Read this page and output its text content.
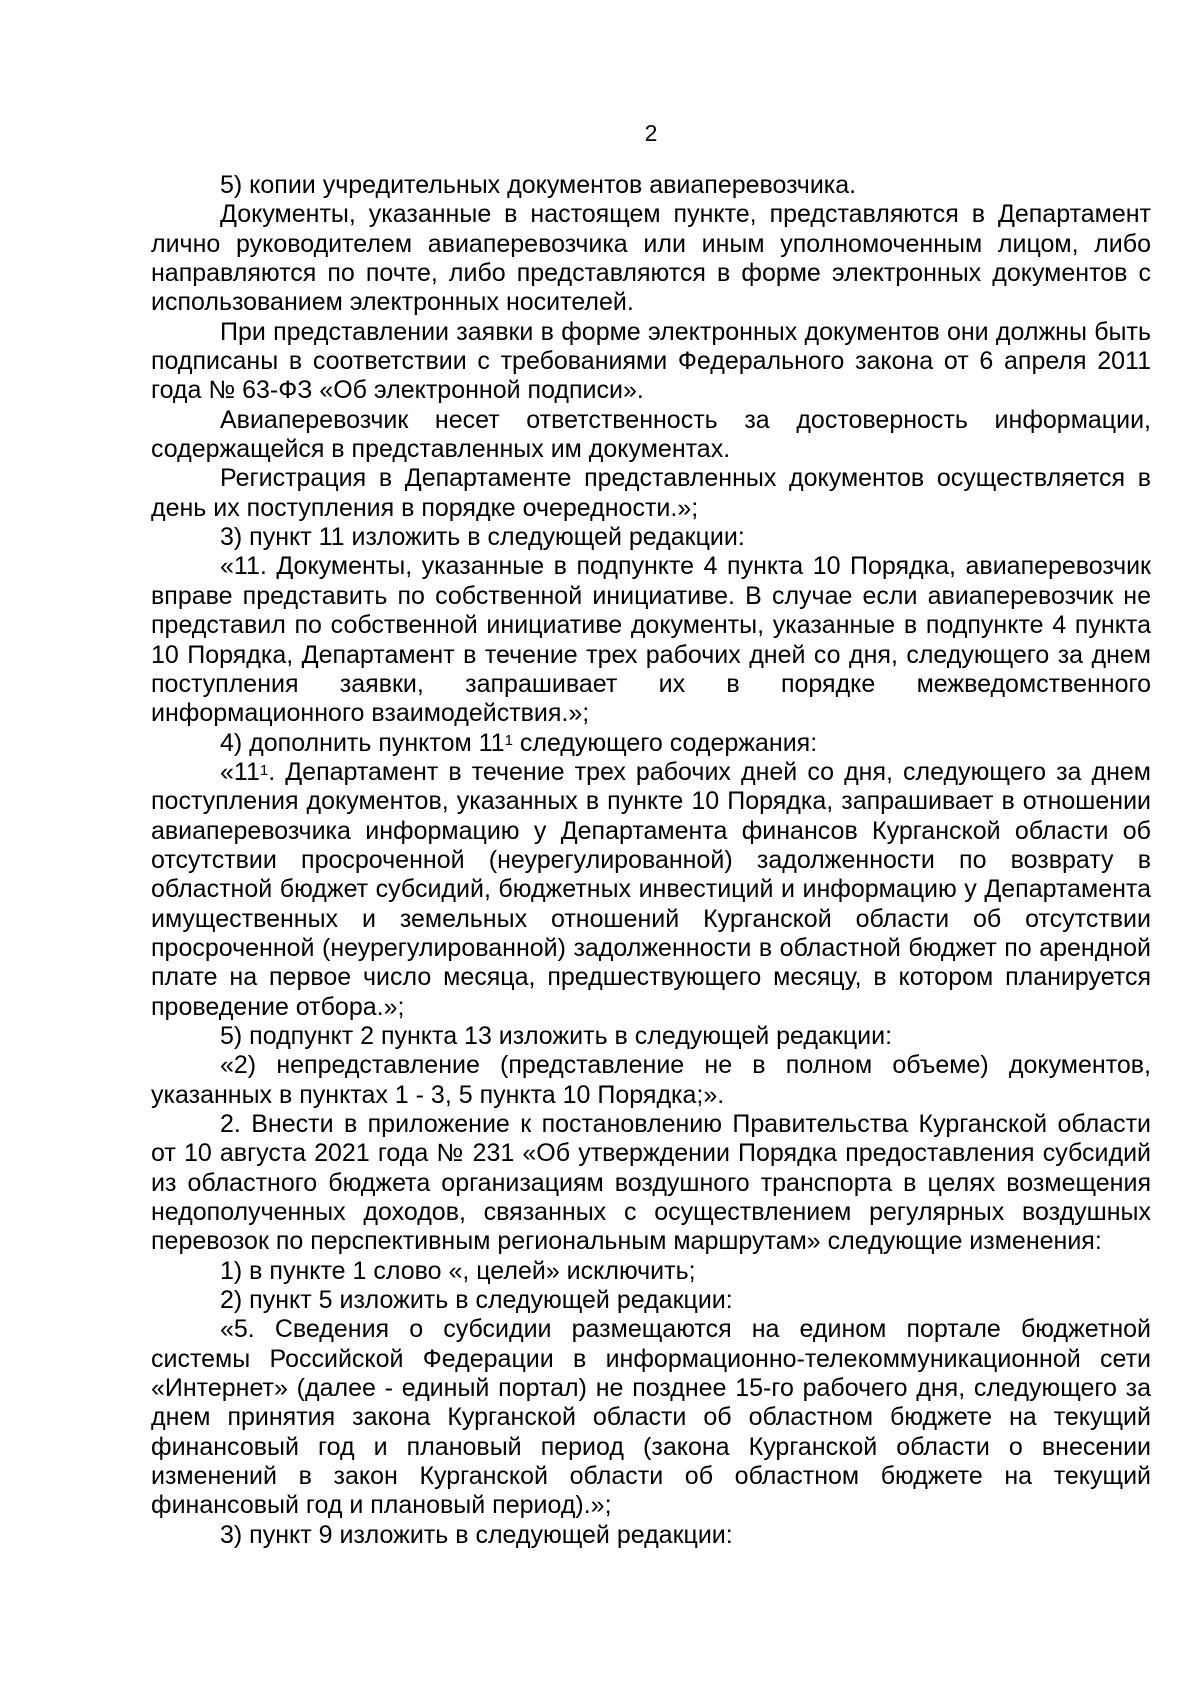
2

5) копии учредительных документов авиаперевозчика.

Документы, указанные в настоящем пункте, представляются в Департамент лично руководителем авиаперевозчика или иным уполномоченным лицом, либо направляются по почте, либо представляются в форме электронных документов с использованием электронных носителей.

При представлении заявки в форме электронных документов они должны быть подписаны в соответствии с требованиями Федерального закона от 6 апреля 2011 года № 63-ФЗ «Об электронной подписи».

Авиаперевозчик несет ответственность за достоверность информации, содержащейся в представленных им документах.

Регистрация в Департаменте представленных документов осуществляется в день их поступления в порядке очередности.»;

3) пункт 11 изложить в следующей редакции:

«11. Документы, указанные в подпункте 4 пункта 10 Порядка, авиаперевозчик вправе представить по собственной инициативе. В случае если авиаперевозчик не представил по собственной инициативе документы, указанные в подпункте 4 пункта 10 Порядка, Департамент в течение трех рабочих дней со дня, следующего за днем поступления заявки, запрашивает их в порядке межведомственного информационного взаимодействия.»;

4) дополнить пунктом $11^1$ следующего содержания:

«$11^1$. Департамент в течение трех рабочих дней со дня, следующего за днем поступления документов, указанных в пункте 10 Порядка, запрашивает в отношении авиаперевозчика информацию у Департамента финансов Курганской области об отсутствии просроченной (неурегулированной) задолженности по возврату в областной бюджет субсидий, бюджетных инвестиций и информацию у Департамента имущественных и земельных отношений Курганской области об отсутствии просроченной (неурегулированной) задолженности в областной бюджет по арендной плате на первое число месяца, предшествующего месяцу, в котором планируется проведение отбора.»;

5) подпункт 2 пункта 13 изложить в следующей редакции:

«2) непредставление (представление не в полном объеме) документов, указанных в пунктах 1 - 3, 5 пункта 10 Порядка;».

2. Внести в приложение к постановлению Правительства Курганской области от 10 августа 2021 года № 231 «Об утверждении Порядка предоставления субсидий из областного бюджета организациям воздушного транспорта в целях возмещения недополученных доходов, связанных с осуществлением регулярных воздушных перевозок по перспективным региональным маршрутам» следующие изменения:

1) в пункте 1 слово «, целей» исключить;

2) пункт 5 изложить в следующей редакции:

«5. Сведения о субсидии размещаются на едином портале бюджетной системы Российской Федерации в информационно-телекоммуникационной сети «Интернет» (далее - единый портал) не позднее 15-го рабочего дня, следующего за днем принятия закона Курганской области об областном бюджете на текущий финансовый год и плановый период (закона Курганской области о внесении изменений в закон Курганской области об областном бюджете на текущий финансовый год и плановый период).»;

3) пункт 9 изложить в следующей редакции:
